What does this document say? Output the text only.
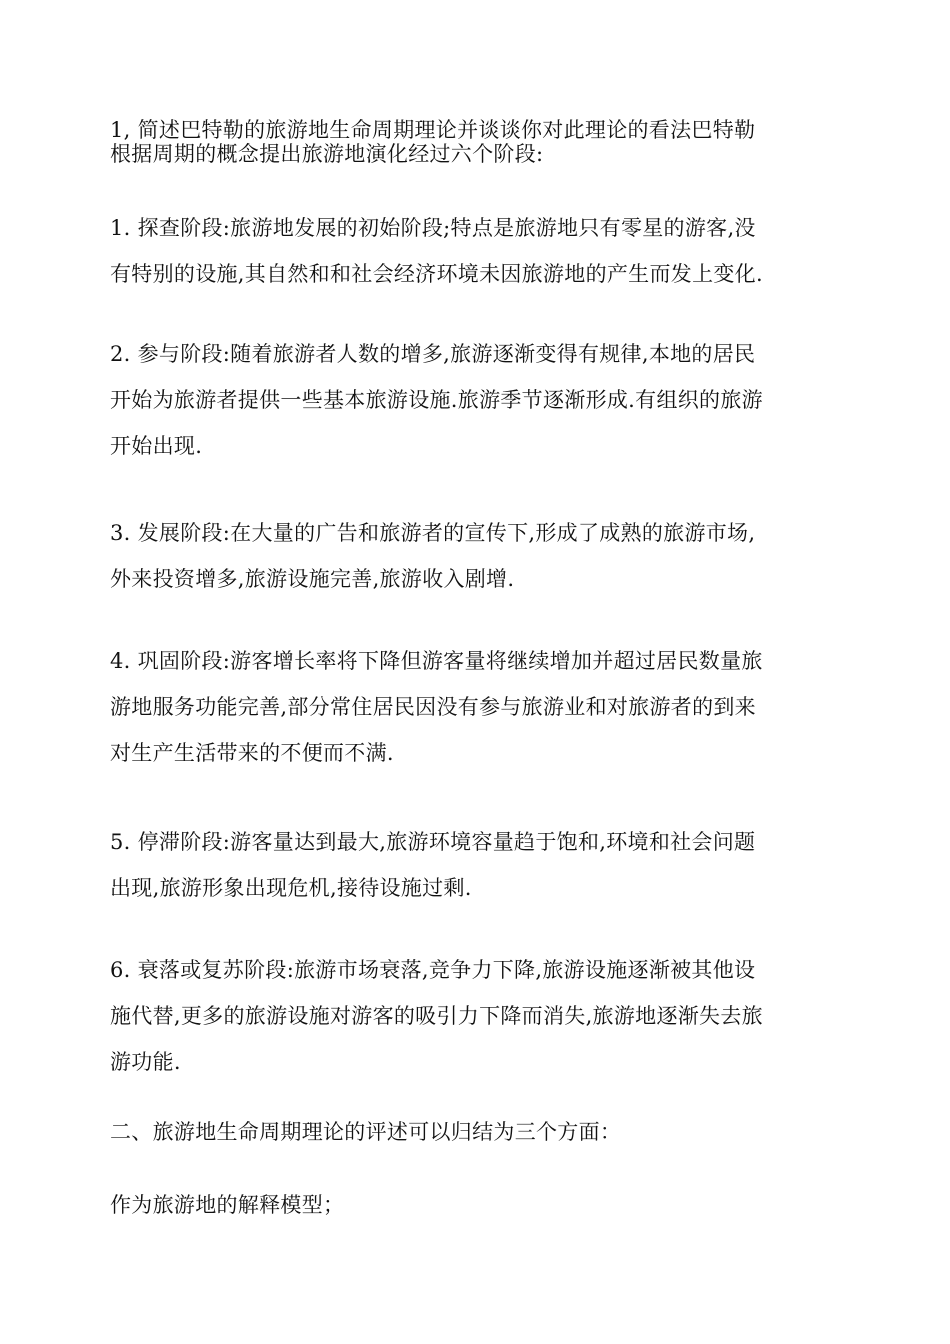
1, 简述巴特勒的旅游地生命周期理论并谈谈你对此理论的看法巴特勒
根据周期的概念提出旅游地演化经过六个阶段:
1. 探查阶段:旅游地发展的初始阶段;特点是旅游地只有零星的游客,没
有特别的设施,其自然和和社会经济环境未因旅游地的产生而发上变化.
2. 参与阶段:随着旅游者人数的增多,旅游逐渐变得有规律,本地的居民
开始为旅游者提供一些基本旅游设施.旅游季节逐渐形成.有组织的旅游
开始出现.
3. 发展阶段:在大量的广告和旅游者的宣传下,形成了成熟的旅游市场,
外来投资增多,旅游设施完善,旅游收入剧增.
4. 巩固阶段:游客增长率将下降但游客量将继续增加并超过居民数量旅
游地服务功能完善,部分常住居民因没有参与旅游业和对旅游者的到来
对生产生活带来的不便而不满.
5. 停滞阶段:游客量达到最大,旅游环境容量趋于饱和,环境和社会问题
出现,旅游形象出现危机,接待设施过剩.
6. 衰落或复苏阶段:旅游市场衰落,竞争力下降,旅游设施逐渐被其他设
施代替,更多的旅游设施对游客的吸引力下降而消失,旅游地逐渐失去旅
游功能.
二、旅游地生命周期理论的评述可以归结为三个方面：
作为旅游地的解释模型；
